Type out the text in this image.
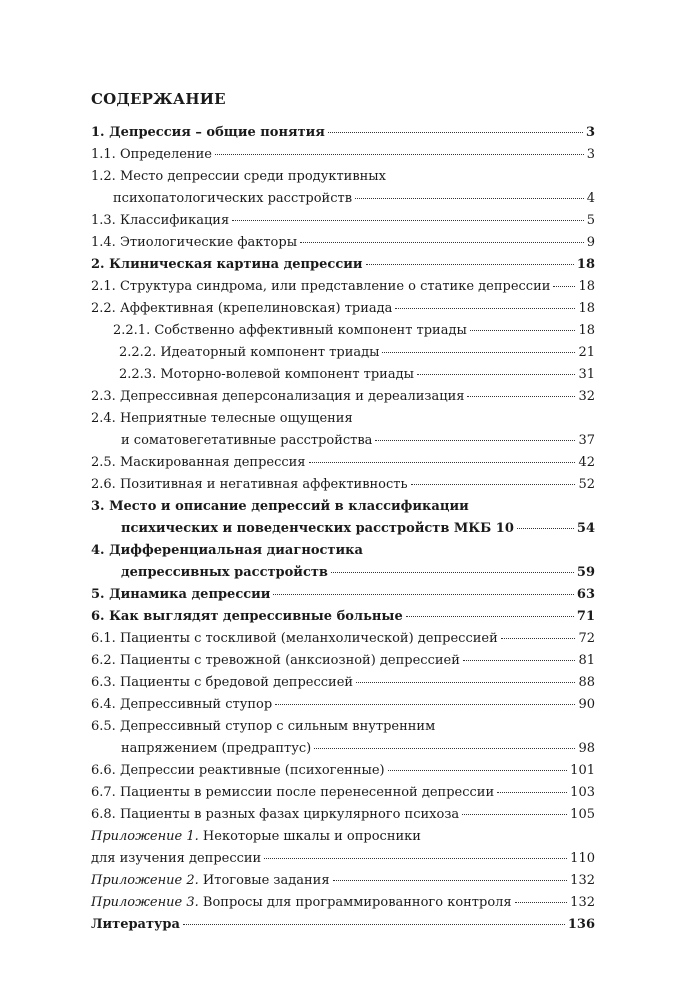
СОДЕРЖАНИЕ
1. Депрессия – общие понятия	3
1.1. Определение	3
1.2. Место депрессии среди продуктивных
психопатологических расстройств	4
1.3. Классификация	5
1.4. Этиологические факторы	9
2. Клиническая картина депрессии	18
2.1. Структура синдрома, или представление о статике депрессии 18
2.2. Аффективная (крепелиновская) триада	18
2.2.1. Собственно аффективный компонент триады	18
2.2.2. Идеаторный компонент триады	21
2.2.3. Моторно-волевой компонент триады	31
2.3. Депрессивная деперсонализация и дереализация	32
2.4. Неприятные телесные ощущения
и соматовегетативные расстройства	37
2.5. Маскированная депрессия	42
2.6. Позитивная и негативная аффективность	52
3. Место и описание депрессий в классификации
психических и поведенческих расстройств МКБ 10	54
4. Дифференциальная диагностика
депрессивных расстройств	59
5. Динамика депрессии	63
6. Как выглядят депрессивные больные	71
6.1. Пациенты с тоскливой (меланхолической) депрессией	72
6.2. Пациенты с тревожной (анксиозной) депрессией	81
6.3. Пациенты с бредовой депрессией	88
6.4. Депрессивный ступор	90
6.5. Депрессивный ступор с сильным внутренним
напряжением (предраптус)	98
6.6. Депрессии реактивные (психогенные)	101
6.7. Пациенты в ремиссии после перенесенной депрессии	103
6.8. Пациенты в разных фазах циркулярного психоза	105
Приложение 1. Некоторые шкалы и опросники
для изучения депрессии	110
Приложение 2. Итоговые задания	132
Приложение 3. Вопросы для программированного контроля	132
Литература	136
